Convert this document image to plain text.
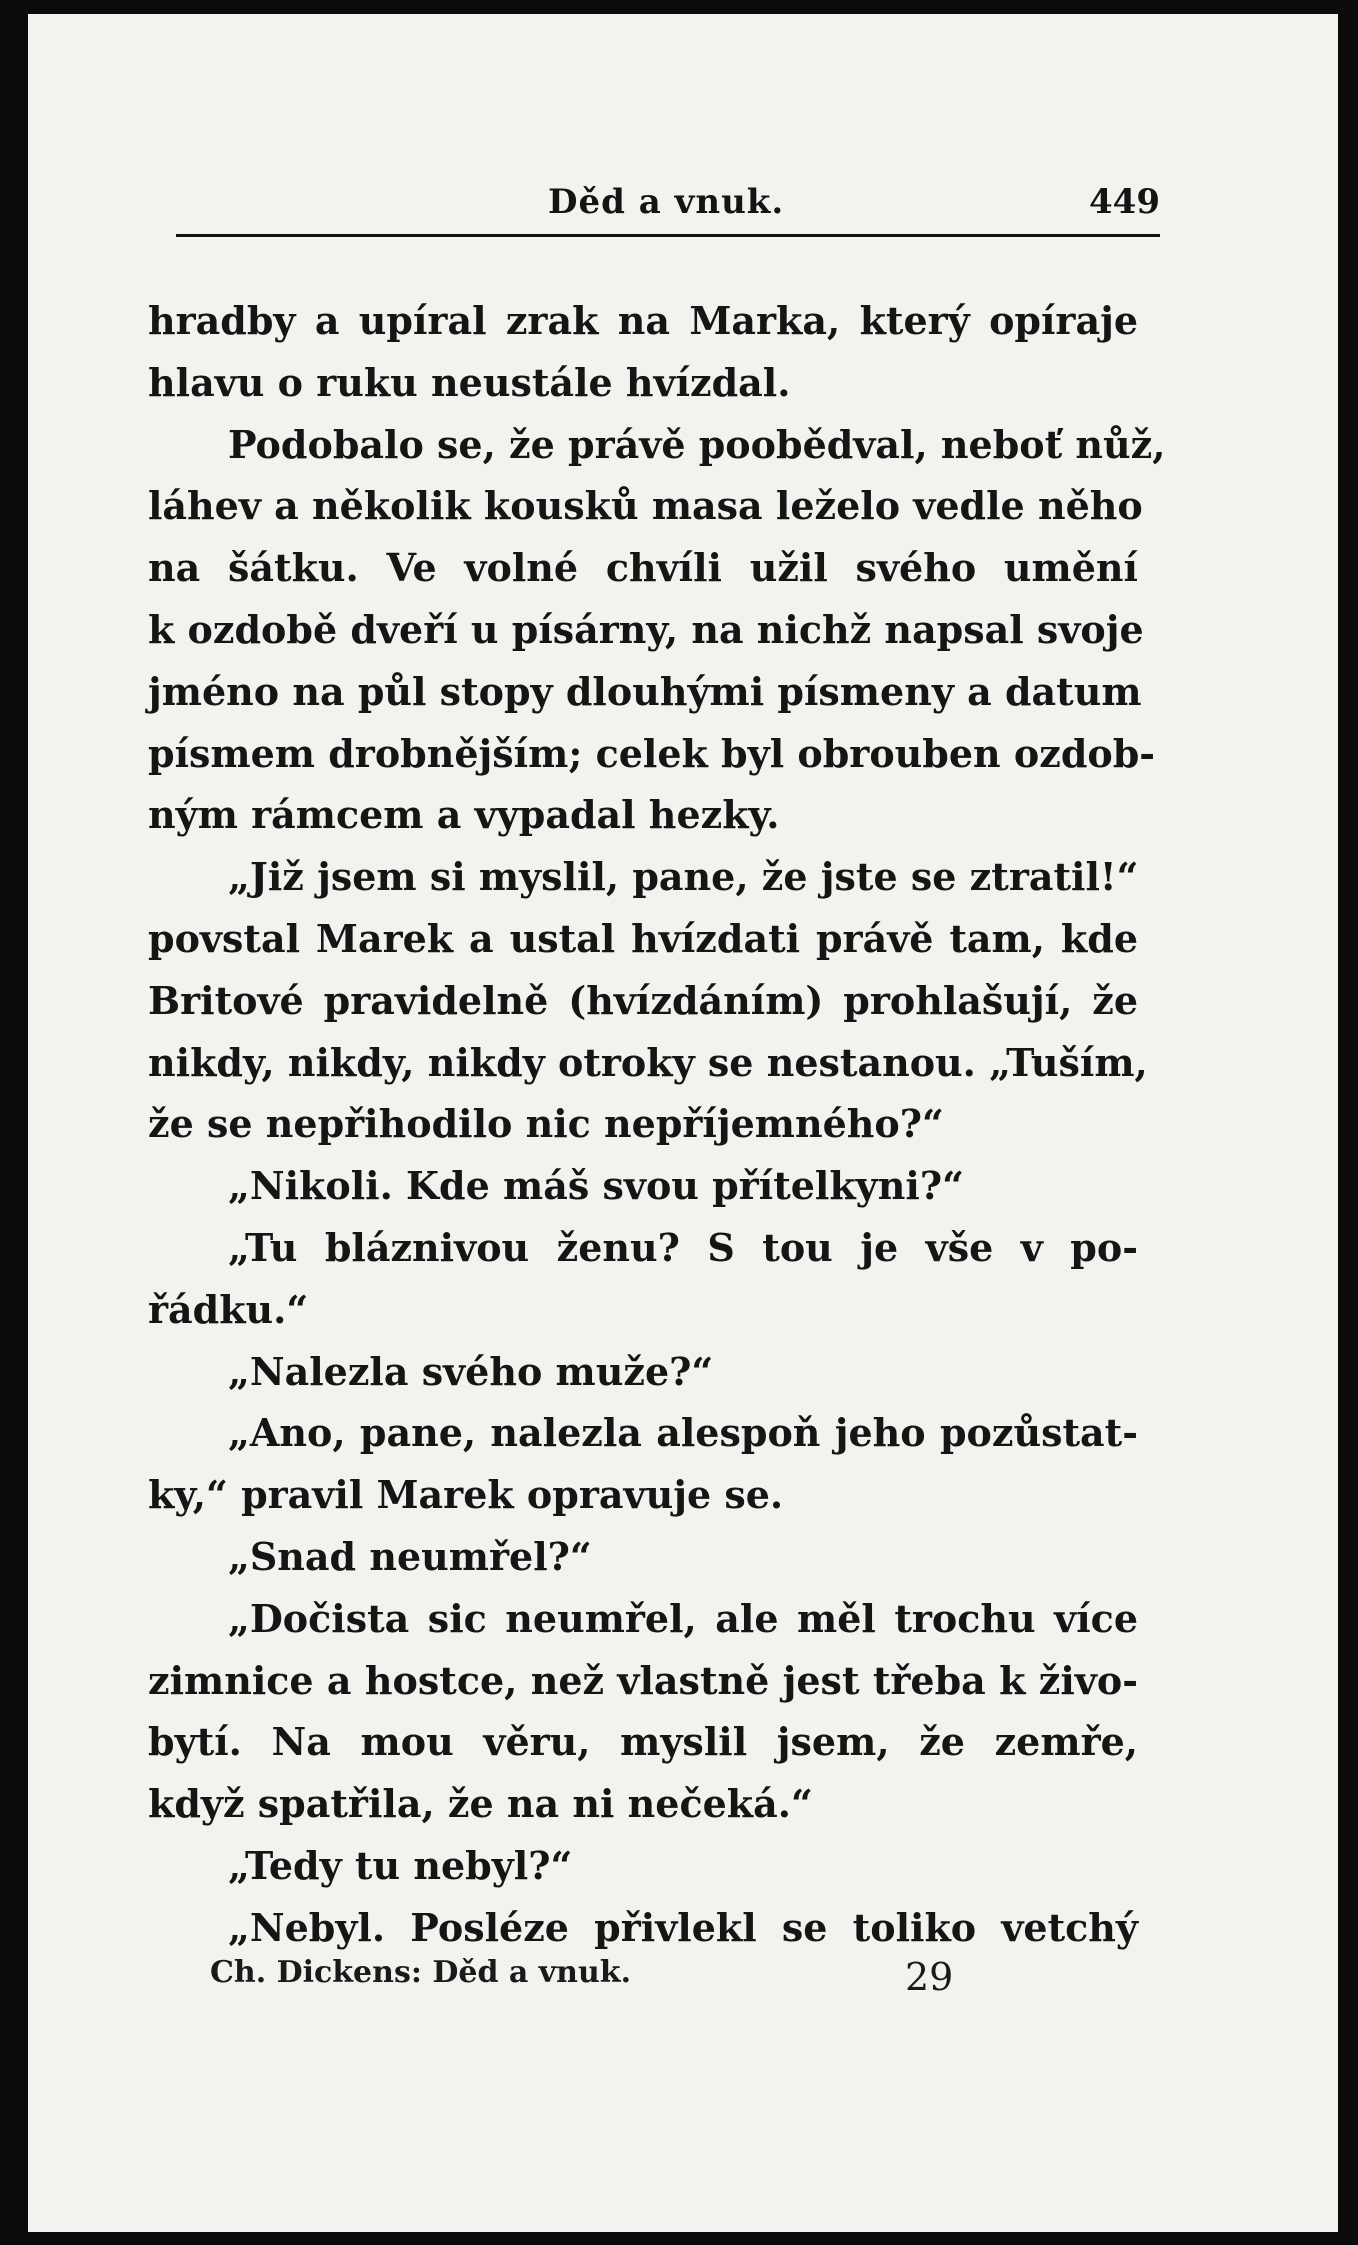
Děd a vnuk.	449
hradby a upíral zrak na Marka, který opíraje
hlavu o ruku neustále hvízdal.
Podobalo se, že právě poobědval, neboť nůž,
láhev a několik kousků masa leželo vedle něho
na šátku. Ve volné chvíli užil svého umění
k ozdobě dveří u písárny, na nichž napsal svoje
jméno na půl stopy dlouhými písmeny a datum
písmem drobnějším; celek byl obrouben ozdob-
ným rámcem a vypadal hezky.
„Již jsem si myslil, pane, že jste se ztratil!“
povstal Marek a ustal hvízdati právě tam, kde
Britové pravidelně (hvízdáním) prohlašují, že
nikdy, nikdy, nikdy otroky se nestanou. „Tuším,
že se nepřihodilo nic nepříjemného?“
„Nikoli. Kde máš svou přítelkyni?“
„Tu bláznivou ženu? S tou je vše v po-
řádku.“
„Nalezla svého muže?“
„Ano, pane, nalezla alespoň jeho pozůstat-
ky,“ pravil Marek opravuje se.
„Snad neumřel?“
„Dočista sic neumřel, ale měl trochu více
zimnice a hostce, než vlastně jest třeba k živo-
bytí. Na mou věru, myslil jsem, že zemře,
když spatřila, že na ni nečeká.“
„Tedy tu nebyl?“
„Nebyl. Posléze přivlekl se toliko vetchý
Ch. Dickens: Děd a vnuk.	29
